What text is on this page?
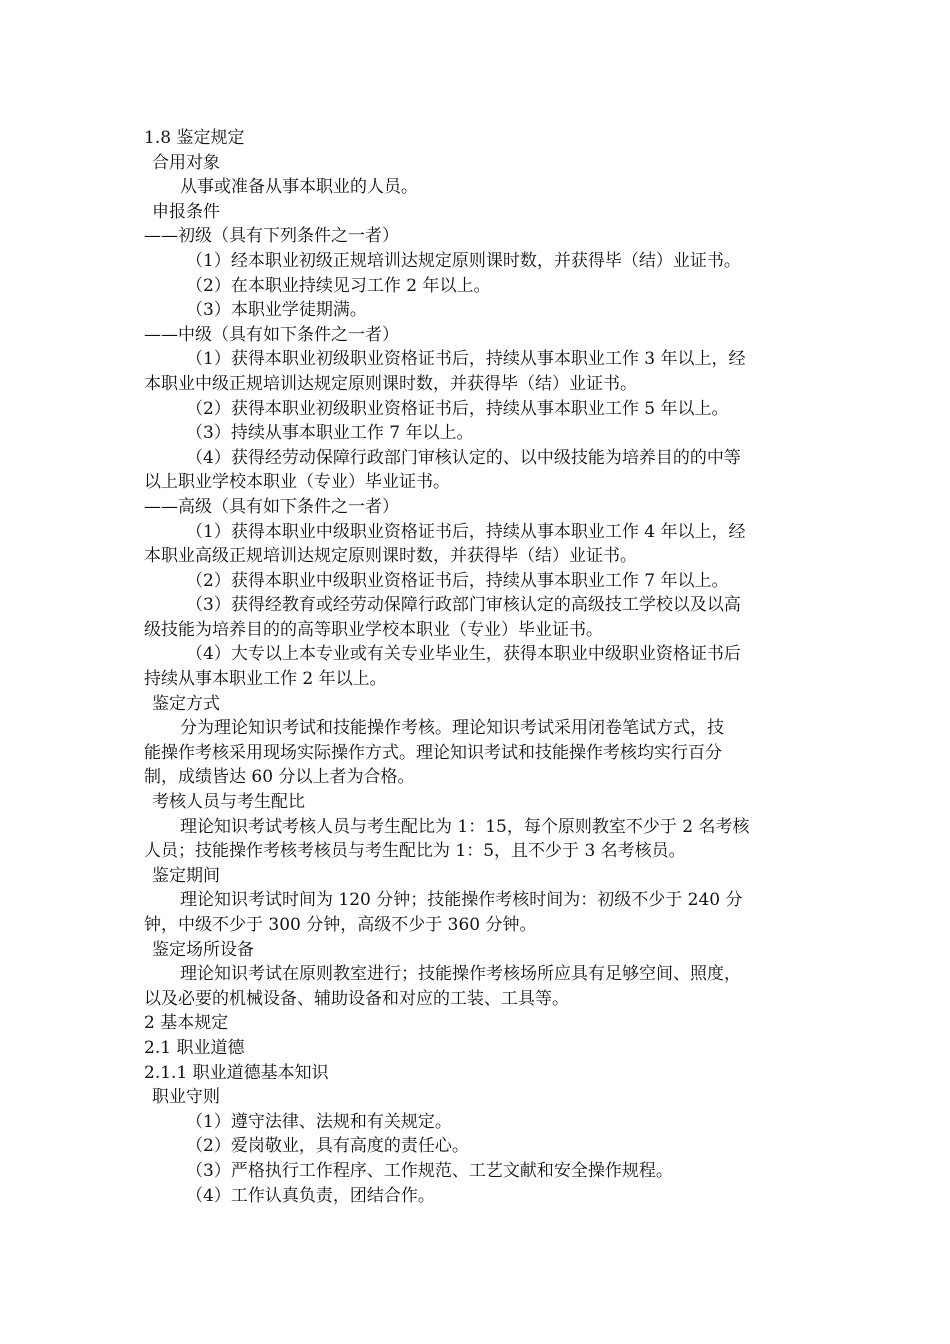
1.8 鉴定规定
合用对象
从事或准备从事本职业的人员。
申报条件
——初级（具有下列条件之一者）
（1）经本职业初级正规培训达规定原则课时数，并获得毕（结）业证书。
（2）在本职业持续见习工作 2 年以上。
（3）本职业学徒期满。
——中级（具有如下条件之一者）
（1）获得本职业初级职业资格证书后，持续从事本职业工作 3 年以上，经
本职业中级正规培训达规定原则课时数，并获得毕（结）业证书。
（2）获得本职业初级职业资格证书后，持续从事本职业工作 5 年以上。
（3）持续从事本职业工作 7 年以上。
（4）获得经劳动保障行政部门审核认定的、以中级技能为培养目的的中等
以上职业学校本职业（专业）毕业证书。
——高级（具有如下条件之一者）
（1）获得本职业中级职业资格证书后，持续从事本职业工作 4 年以上，经
本职业高级正规培训达规定原则课时数，并获得毕（结）业证书。
（2）获得本职业中级职业资格证书后，持续从事本职业工作 7 年以上。
（3）获得经教育或经劳动保障行政部门审核认定的高级技工学校以及以高
级技能为培养目的的高等职业学校本职业（专业）毕业证书。
（4）大专以上本专业或有关专业毕业生，获得本职业中级职业资格证书后
持续从事本职业工作 2 年以上。
鉴定方式
分为理论知识考试和技能操作考核。理论知识考试采用闭卷笔试方式，技
能操作考核采用现场实际操作方式。理论知识考试和技能操作考核均实行百分
制，成绩皆达 60 分以上者为合格。
考核人员与考生配比
理论知识考试考核人员与考生配比为 1：15，每个原则教室不少于 2 名考核
人员；技能操作考核考核员与考生配比为 1：5，且不少于 3 名考核员。
鉴定期间
理论知识考试时间为 120 分钟；技能操作考核时间为：初级不少于 240 分
钟，中级不少于 300 分钟，高级不少于 360 分钟。
鉴定场所设备
理论知识考试在原则教室进行；技能操作考核场所应具有足够空间、照度，
以及必要的机械设备、辅助设备和对应的工装、工具等。
2 基本规定
2.1 职业道德
2.1.1 职业道德基本知识
职业守则
（1）遵守法律、法规和有关规定。
（2）爱岗敬业，具有高度的责任心。
（3）严格执行工作程序、工作规范、工艺文献和安全操作规程。
（4）工作认真负责，团结合作。
